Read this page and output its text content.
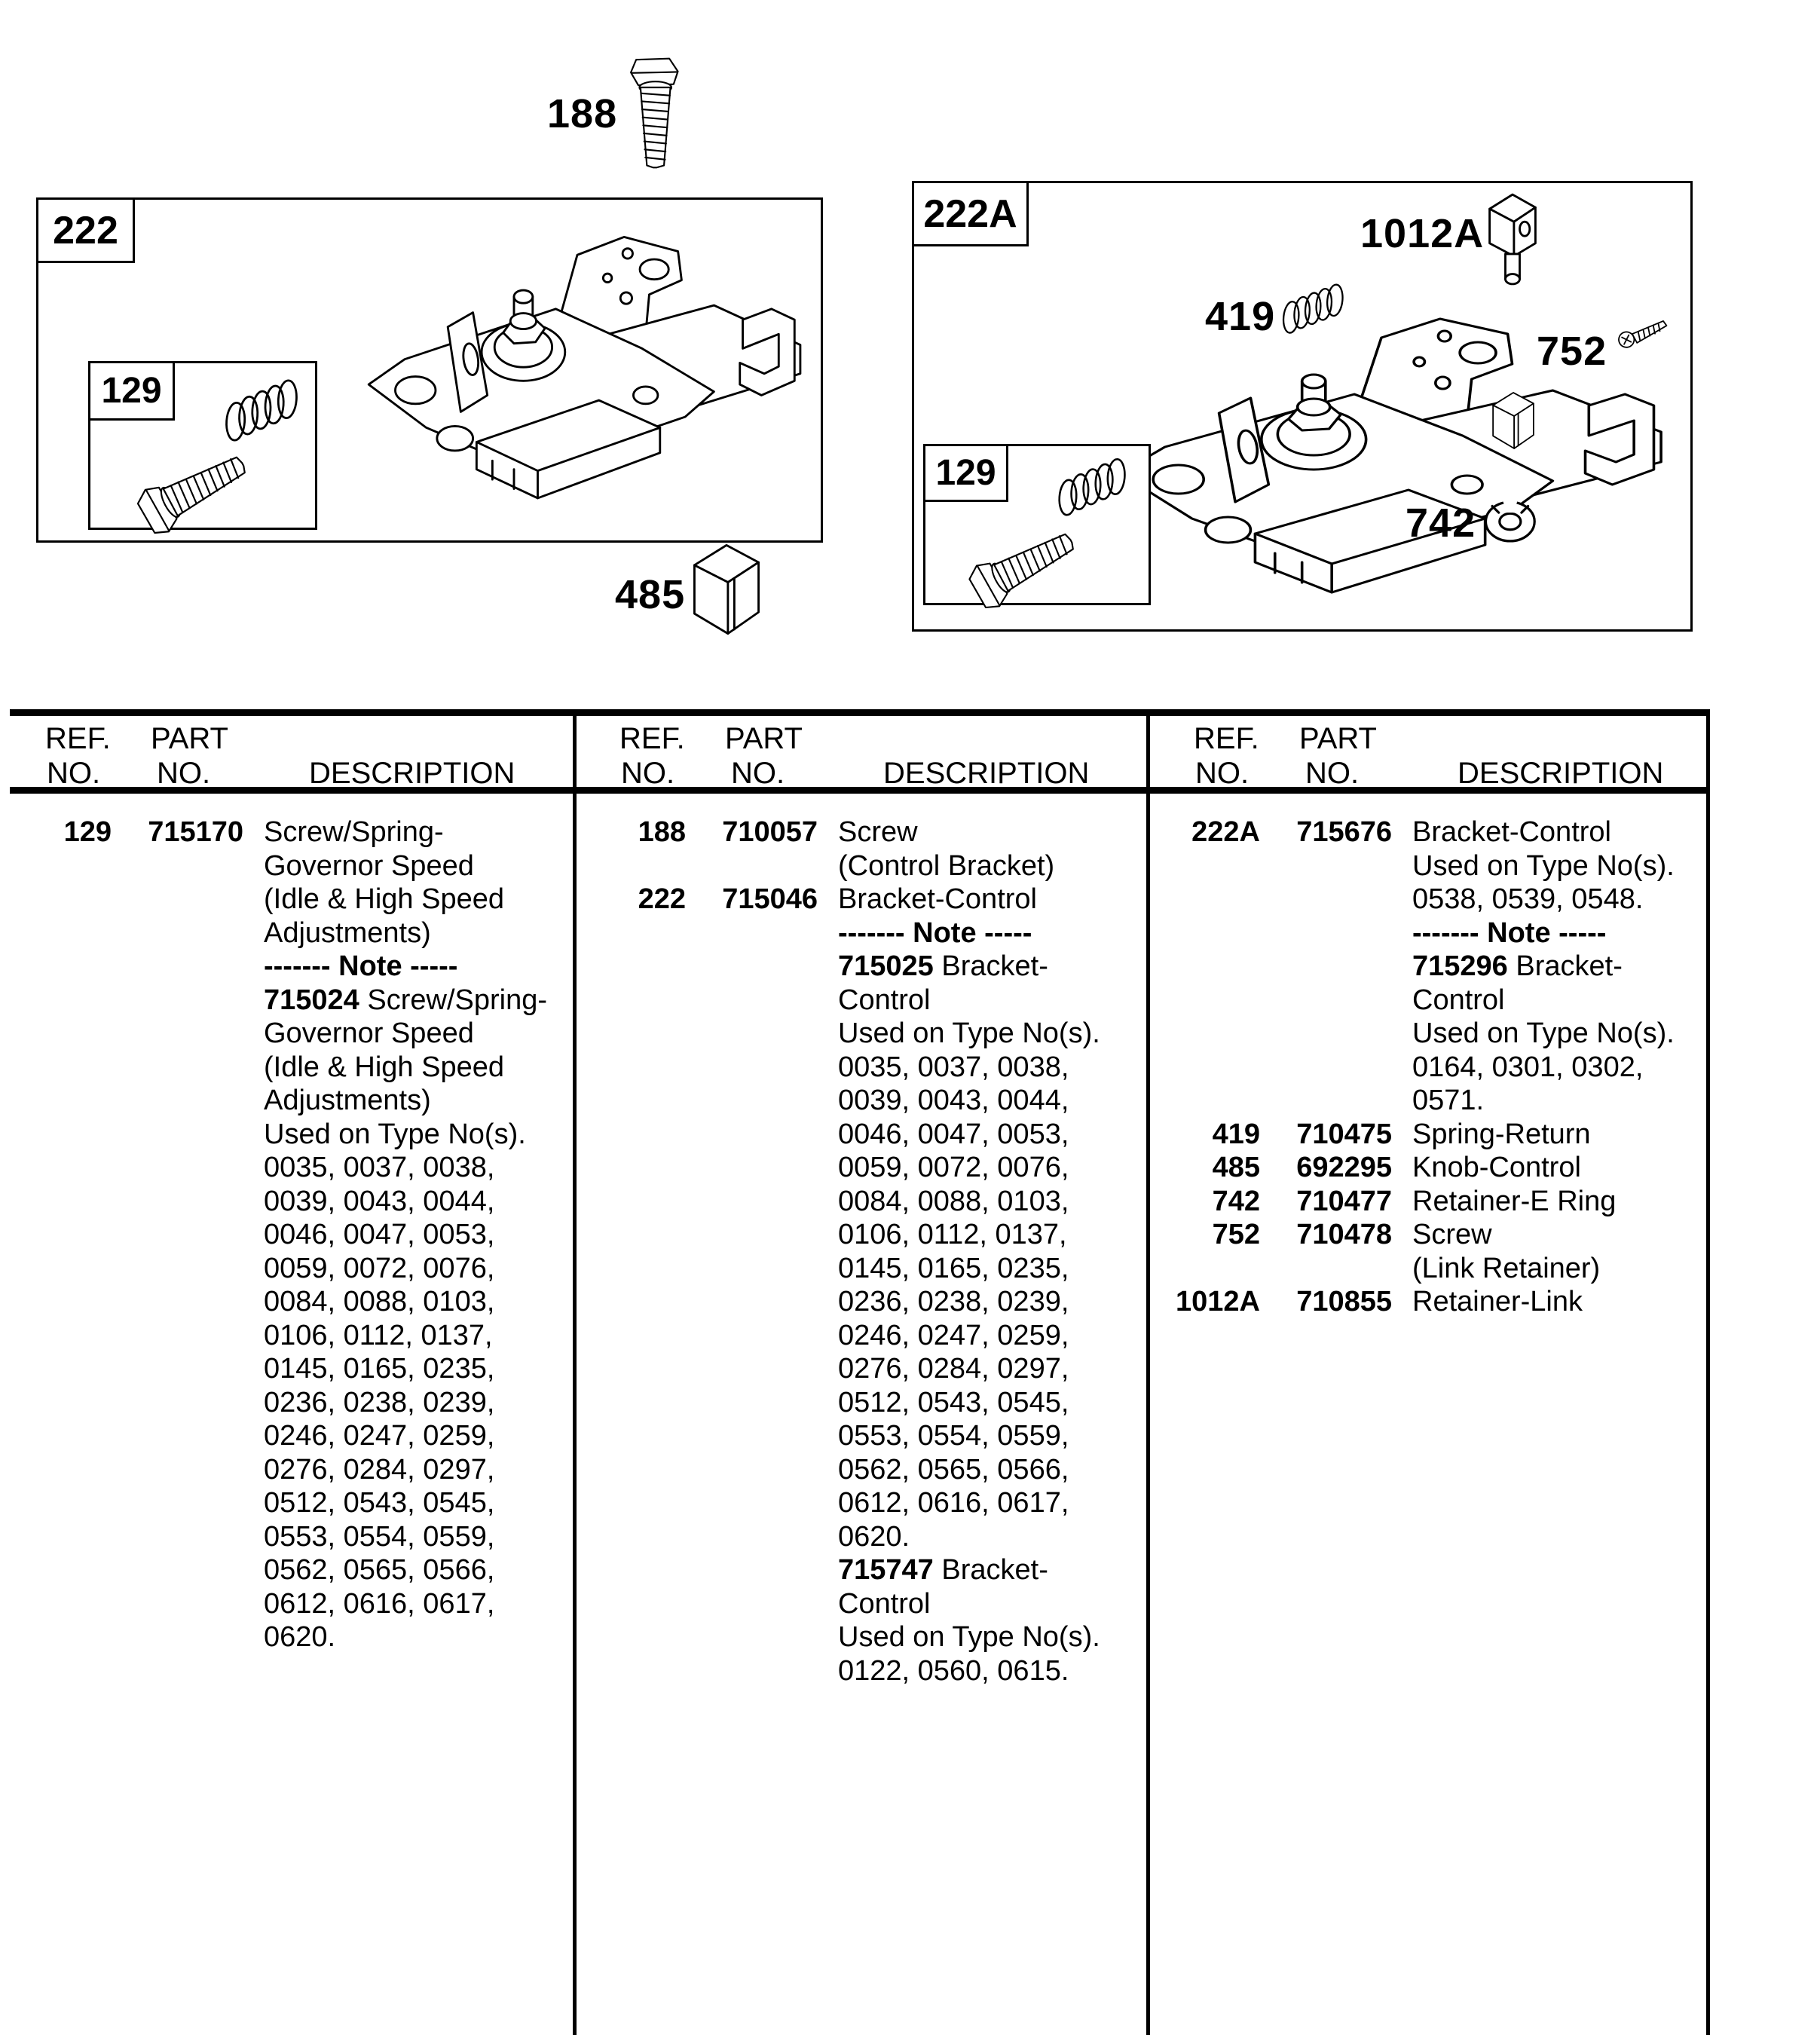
188
222
129
485
222A	1012A
419
752
742
129
REF.
NO.
PART
NO.	DESCRIPTION
REF.
NO.
PART
NO.	DESCRIPTION
REF.
NO.
PART
NO.	DESCRIPTION
129	715170 Screw/Spring-
Governor Speed
(Idle & High Speed
Adjustments)
------- Note -----
715024 Screw/Spring-
Governor Speed
(Idle & High Speed
Adjustments)
Used on Type No(s).
0035, 0037, 0038,
0039, 0043, 0044,
0046, 0047, 0053,
0059, 0072, 0076,
0084, 0088, 0103,
0106, 0112, 0137,
0145, 0165, 0235,
0236, 0238, 0239,
0246, 0247, 0259,
0276, 0284, 0297,
0512, 0543, 0545,
0553, 0554, 0559,
0562, 0565, 0566,
0612, 0616, 0617,
0620.
188	710057 Screw
(Control Bracket)
222	715046 Bracket-Control
------- Note -----
715025 Bracket-
Control
Used on Type No(s).
0035, 0037, 0038,
0039, 0043, 0044,
0046, 0047, 0053,
0059, 0072, 0076,
0084, 0088, 0103,
0106, 0112, 0137,
0145, 0165, 0235,
0236, 0238, 0239,
0246, 0247, 0259,
0276, 0284, 0297,
0512, 0543, 0545,
0553, 0554, 0559,
0562, 0565, 0566,
0612, 0616, 0617,
0620.
715747 Bracket-
Control
Used on Type No(s).
0122, 0560, 0615.
222A	715676 Bracket-Control
Used on Type No(s).
0538, 0539, 0548.
------- Note -----
715296 Bracket-
Control
Used on Type No(s).
0164, 0301, 0302,
0571.
419	710475 Spring-Return
485	692295 Knob-Control
742	710477 Retainer-E Ring
752	710478 Screw
(Link Retainer)
1012A	710855 Retainer-Link
